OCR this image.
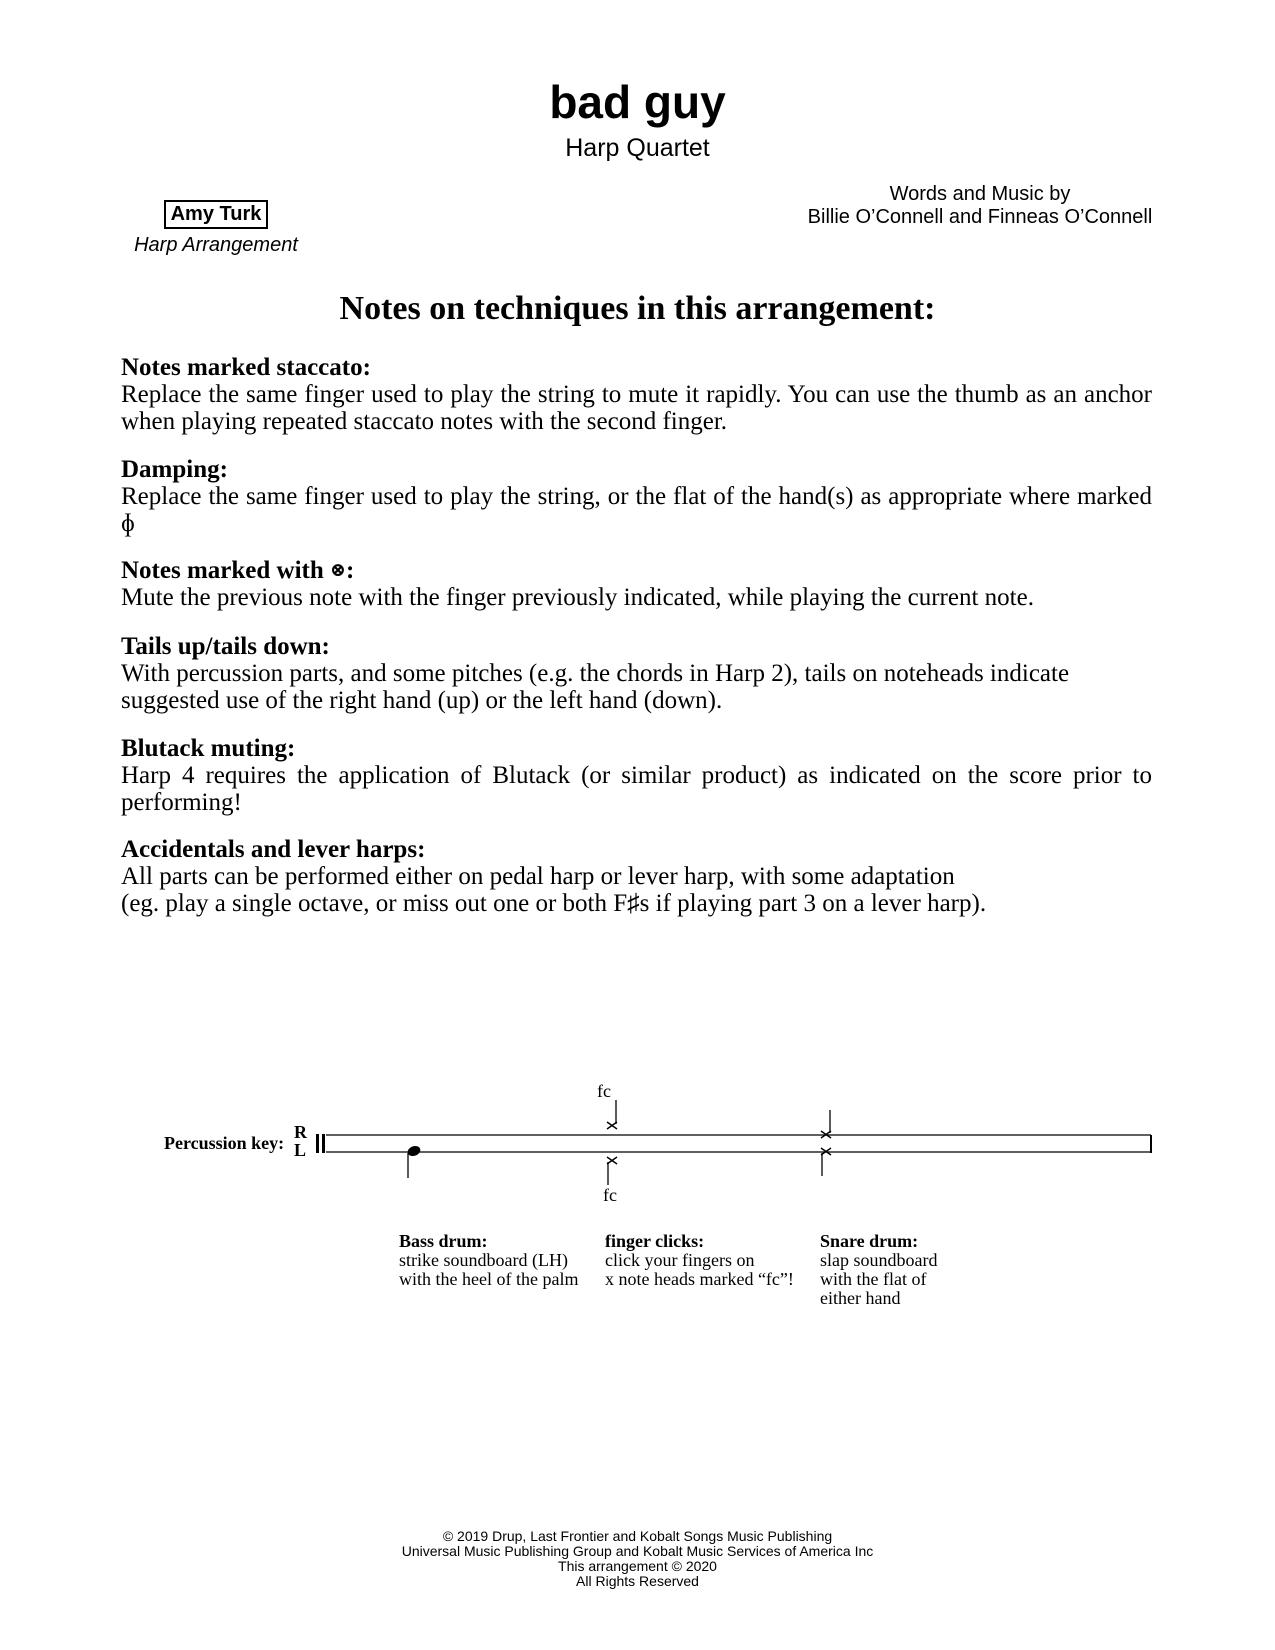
bad guy
Harp Quartet
Amy Turk
Harp Arrangement
Words and Music by
Billie O’Connell and Finneas O’Connell
Notes on techniques in this arrangement:
Notes marked staccato:
Replace the same finger used to play the string to mute it rapidly. You can use the thumb as an anchor when playing repeated staccato notes with the second finger.
Damping:
Replace the same finger used to play the string, or the flat of the hand(s) as appropriate where marked ɸ
Notes marked with ⊗:
Mute the previous note with the finger previously indicated, while playing the current note.
Tails up/tails down:
With percussion parts, and some pitches (e.g. the chords in Harp 2), tails on noteheads indicate suggested use of the right hand (up) or the left hand (down).
Blutack muting:
Harp 4 requires the application of Blutack (or similar product) as indicated on the score prior to performing!
Accidentals and lever harps:
All parts can be performed either on pedal harp or lever harp, with some adaptation
(eg. play a single octave, or miss out one or both F♯s if playing part 3 on a lever harp).
Percussion key:
R
L
fc
fc
Bass drum:
strike soundboard (LH)
with the heel of the palm
finger clicks:
click your fingers on
x note heads marked “fc”!
Snare drum:
slap soundboard
with the flat of
either hand
© 2019 Drup, Last Frontier and Kobalt Songs Music Publishing
Universal Music Publishing Group and Kobalt Music Services of America Inc
This arrangement © 2020
All Rights Reserved
